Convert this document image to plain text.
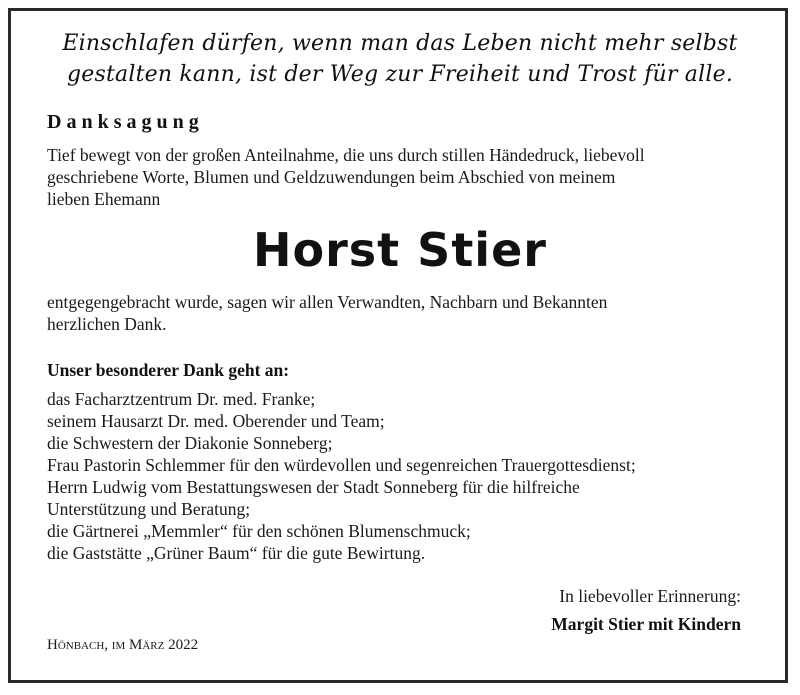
Einschlafen dürfen, wenn man das Leben nicht mehr selbst
gestalten kann, ist der Weg zur Freiheit und Trost für alle.
Danksagung
Tief bewegt von der großen Anteilnahme, die uns durch stillen Händedruck, liebevoll
geschriebene Worte, Blumen und Geldzuwendungen beim Abschied von meinem
lieben Ehemann
Horst Stier
entgegengebracht wurde, sagen wir allen Verwandten, Nachbarn und Bekannten
herzlichen Dank.
Unser besonderer Dank geht an:
das Facharztzentrum Dr. med. Franke;
seinem Hausarzt Dr. med. Oberender und Team;
die Schwestern der Diakonie Sonneberg;
Frau Pastorin Schlemmer für den würdevollen und segenreichen Trauergottesdienst;
Herrn Ludwig vom Bestattungswesen der Stadt Sonneberg für die hilfreiche
Unterstützung und Beratung;
die Gärtnerei „Memmler“ für den schönen Blumenschmuck;
die Gaststätte „Grüner Baum“ für die gute Bewirtung.
In liebevoller Erinnerung:
Margit Stier mit Kindern
Hönbach, im März 2022
